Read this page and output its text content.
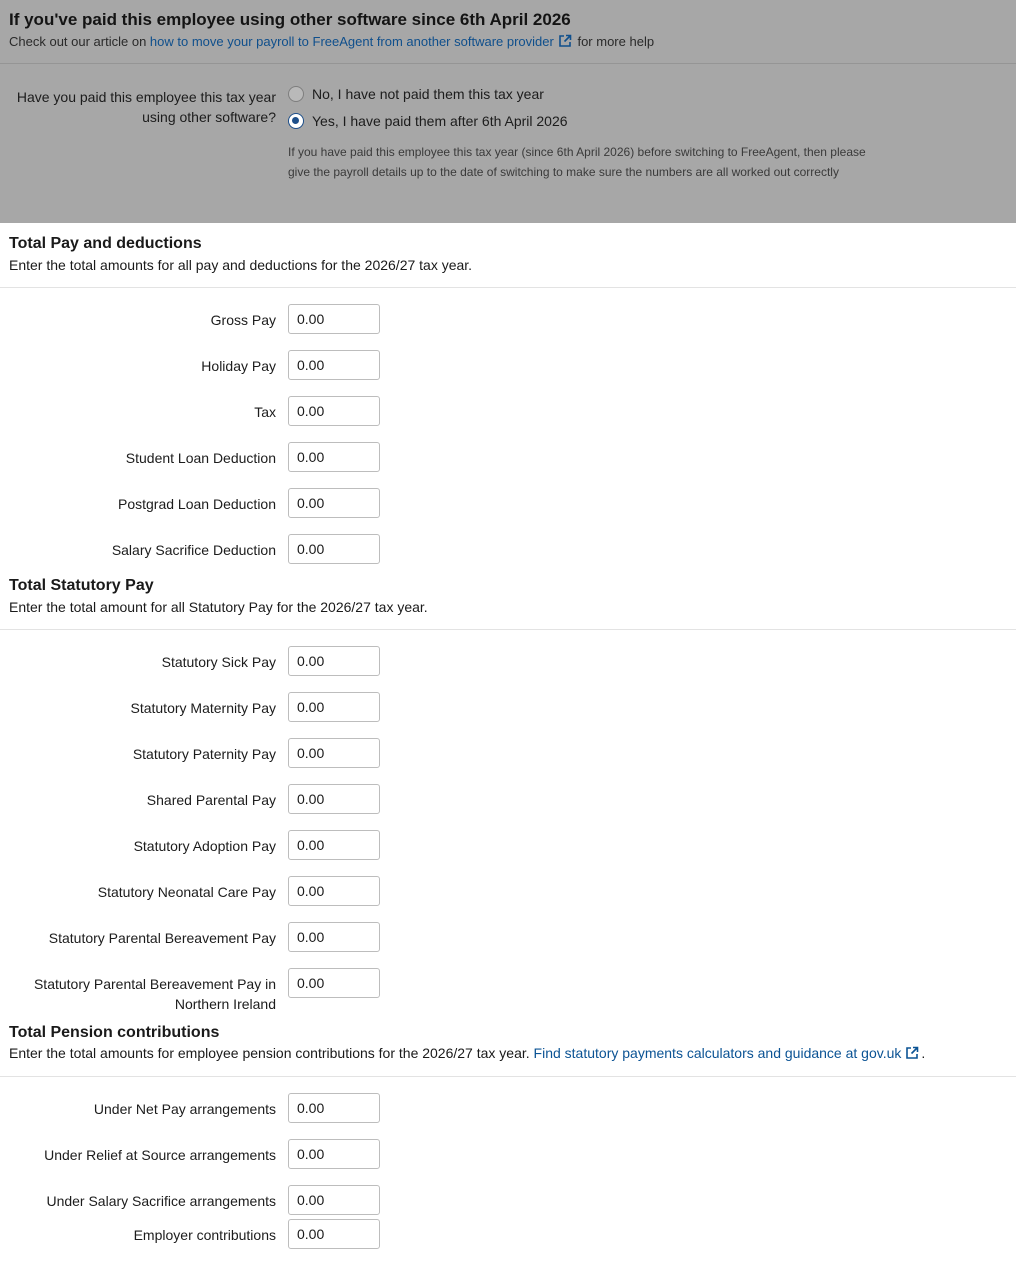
If you've paid this employee using other software since 6th April 2026
Check out our article on how to move your payroll to FreeAgent from another software provider for more help
Have you paid this employee this tax year using other software?
No, I have not paid them this tax year
Yes, I have paid them after 6th April 2026
If you have paid this employee this tax year (since 6th April 2026) before switching to FreeAgent, then please give the payroll details up to the date of switching to make sure the numbers are all worked out correctly
Total Pay and deductions
Enter the total amounts for all pay and deductions for the 2026/27 tax year.
Gross Pay
0.00
Holiday Pay
0.00
Tax
0.00
Student Loan Deduction
0.00
Postgrad Loan Deduction
0.00
Salary Sacrifice Deduction
0.00
Total Statutory Pay
Enter the total amount for all Statutory Pay for the 2026/27 tax year.
Statutory Sick Pay
0.00
Statutory Maternity Pay
0.00
Statutory Paternity Pay
0.00
Shared Parental Pay
0.00
Statutory Adoption Pay
0.00
Statutory Neonatal Care Pay
0.00
Statutory Parental Bereavement Pay
0.00
Statutory Parental Bereavement Pay in Northern Ireland
0.00
Total Pension contributions
Enter the total amounts for employee pension contributions for the 2026/27 tax year. Find statutory payments calculators and guidance at gov.uk .
Under Net Pay arrangements
0.00
Under Relief at Source arrangements
0.00
Under Salary Sacrifice arrangements
0.00
Employer contributions
0.00
